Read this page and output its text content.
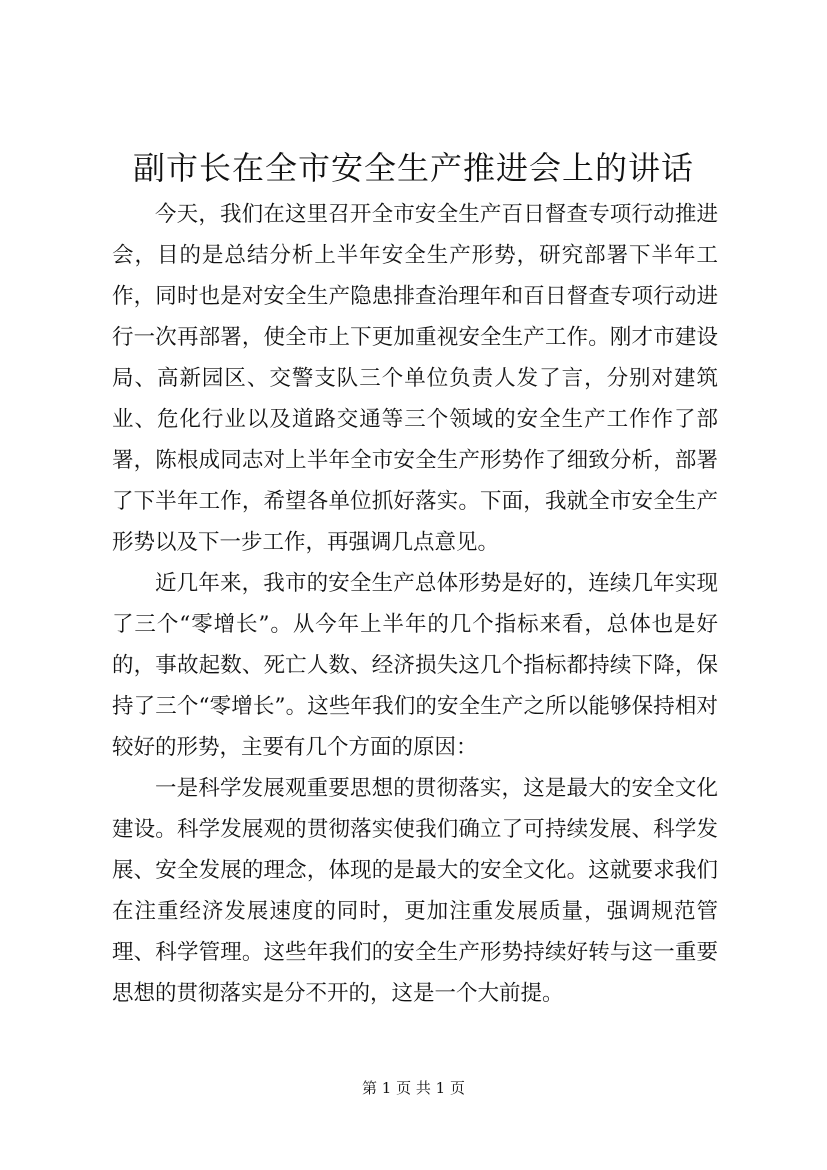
副市长在全市安全生产推进会上的讲话

今天，我们在这里召开全市安全生产百日督查专项行动推进会，目的是总结分析上半年安全生产形势，研究部署下半年工作，同时也是对安全生产隐患排查治理年和百日督查专项行动进行一次再部署，使全市上下更加重视安全生产工作。刚才市建设局、高新园区、交警支队三个单位负责人发了言，分别对建筑业、危化行业以及道路交通等三个领域的安全生产工作作了部署，陈根成同志对上半年全市安全生产形势作了细致分析，部署了下半年工作，希望各单位抓好落实。下面，我就全市安全生产形势以及下一步工作，再强调几点意见。

近几年来，我市的安全生产总体形势是好的，连续几年实现了三个“零增长”。从今年上半年的几个指标来看，总体也是好的，事故起数、死亡人数、经济损失这几个指标都持续下降，保持了三个“零增长”。这些年我们的安全生产之所以能够保持相对较好的形势，主要有几个方面的原因：

一是科学发展观重要思想的贯彻落实，这是最大的安全文化建设。科学发展观的贯彻落实使我们确立了可持续发展、科学发展、安全发展的理念，体现的是最大的安全文化。这就要求我们在注重经济发展速度的同时，更加注重发展质量，强调规范管理、科学管理。这些年我们的安全生产形势持续好转与这一重要思想的贯彻落实是分不开的，这是一个大前提。

第 1 页 共 1 页
